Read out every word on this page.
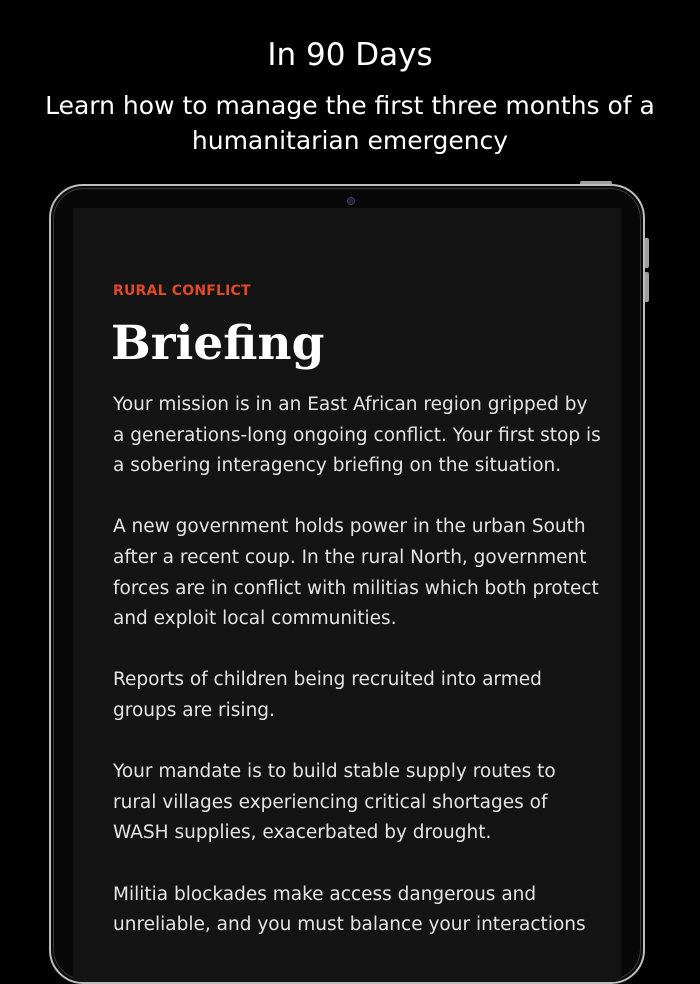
In 90 Days
Learn how to manage the first three months of a humanitarian emergency
RURAL CONFLICT
Briefing

Your mission is in an East African region gripped by a generations-long ongoing conflict. Your first stop is a sobering interagency briefing on the situation.

A new government holds power in the urban South after a recent coup. In the rural North, government forces are in conflict with militias which both protect and exploit local communities.

Reports of children being recruited into armed groups are rising.

Your mandate is to build stable supply routes to rural villages experiencing critical shortages of WASH supplies, exacerbated by drought.

Militia blockades make access dangerous and unreliable, and you must balance your interactions
